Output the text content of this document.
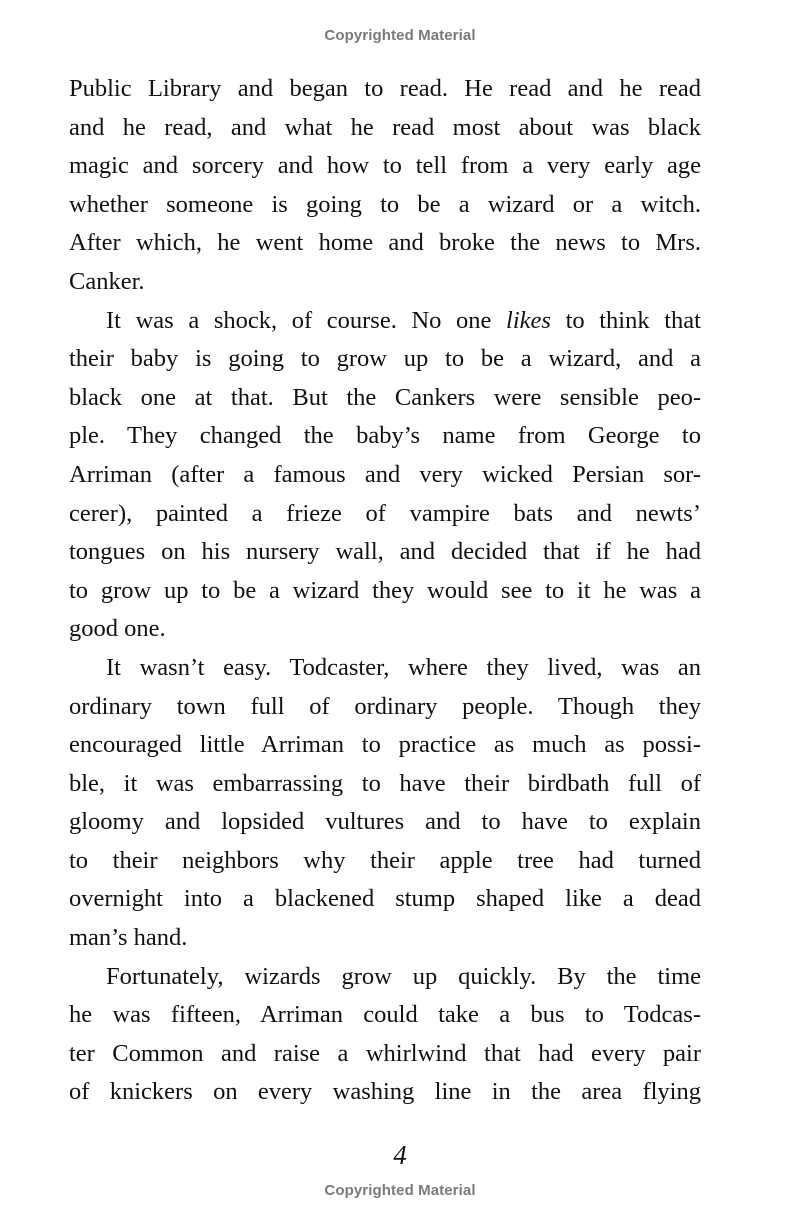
Copyrighted Material

Public Library and began to read. He read and he read
and he read, and what he read most about was black
magic and sorcery and how to tell from a very early age
whether someone is going to be a wizard or a witch.
After which, he went home and broke the news to Mrs.
Canker.

It was a shock, of course. No one likes to think that
their baby is going to grow up to be a wizard, and a
black one at that. But the Cankers were sensible peo-
ple. They changed the baby’s name from George to
Arriman (after a famous and very wicked Persian sor-
cerer), painted a frieze of vampire bats and newts’
tongues on his nursery wall, and decided that if he had
to grow up to be a wizard they would see to it he was a
good one.

It wasn’t easy. Todcaster, where they lived, was an
ordinary town full of ordinary people. Though they
encouraged little Arriman to practice as much as possi-
ble, it was embarrassing to have their birdbath full of
gloomy and lopsided vultures and to have to explain
to their neighbors why their apple tree had turned
overnight into a blackened stump shaped like a dead
man’s hand.

Fortunately, wizards grow up quickly. By the time
he was fifteen, Arriman could take a bus to Todcas-
ter Common and raise a whirlwind that had every pair
of knickers on every washing line in the area flying

4
Copyrighted Material
